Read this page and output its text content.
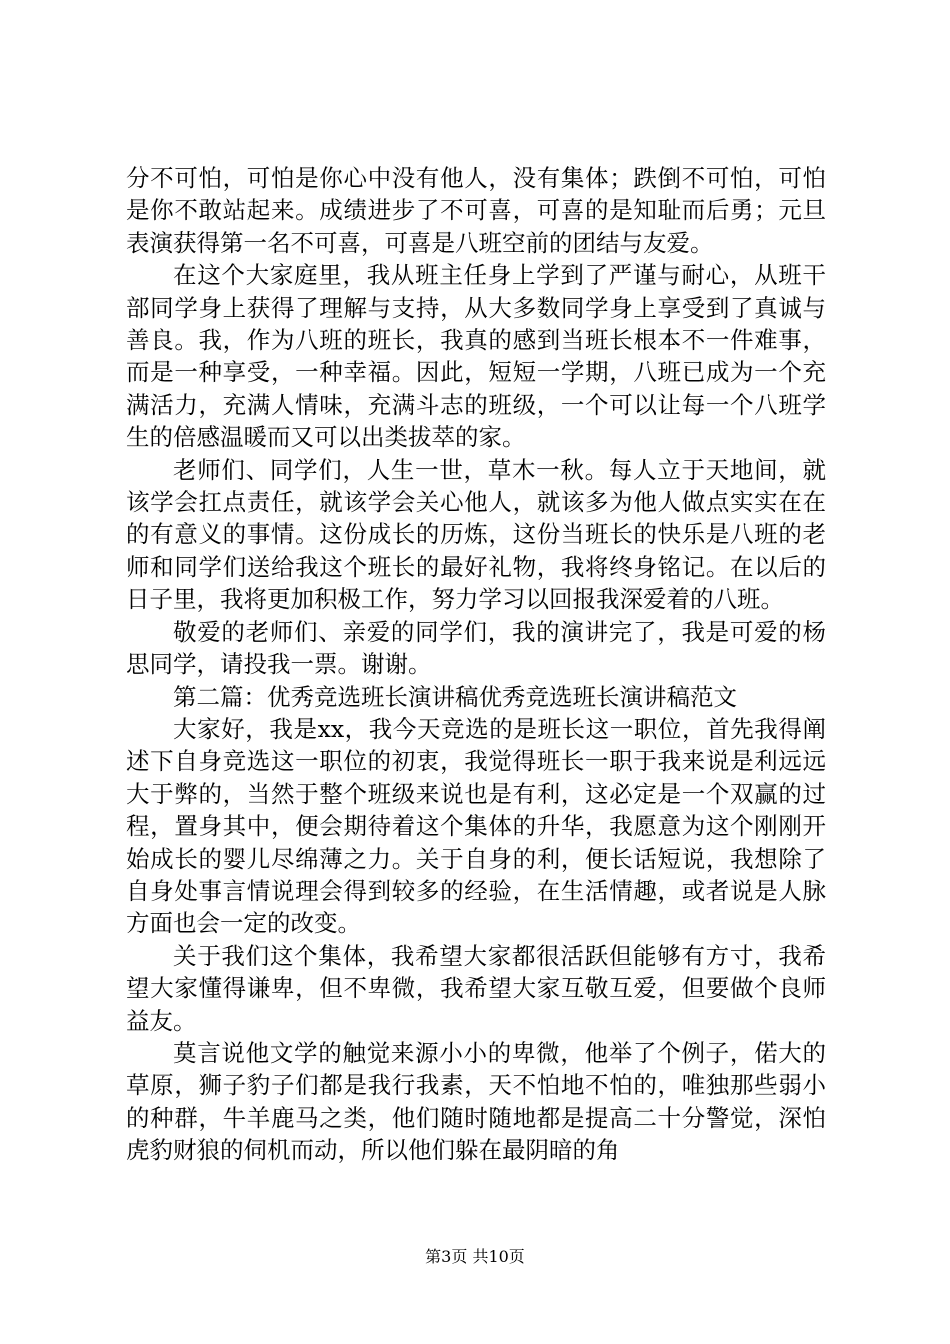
分不可怕，可怕是你心中没有他人，没有集体；跌倒不可怕，可怕是你不敢站起来。成绩进步了不可喜，可喜的是知耻而后勇；元旦表演获得第一名不可喜，可喜是八班空前的团结与友爱。

在这个大家庭里，我从班主任身上学到了严谨与耐心，从班干部同学身上获得了理解与支持，从大多数同学身上享受到了真诚与善良。我，作为八班的班长，我真的感到当班长根本不一件难事，而是一种享受，一种幸福。因此，短短一学期，八班已成为一个充满活力，充满人情味，充满斗志的班级，一个可以让每一个八班学生的倍感温暖而又可以出类拔萃的家。

老师们、同学们，人生一世，草木一秋。每人立于天地间，就该学会扛点责任，就该学会关心他人，就该多为他人做点实实在在的有意义的事情。这份成长的历炼，这份当班长的快乐是八班的老师和同学们送给我这个班长的最好礼物，我将终身铭记。在以后的日子里，我将更加积极工作，努力学习以回报我深爱着的八班。

敬爱的老师们、亲爱的同学们，我的演讲完了，我是可爱的杨思同学，请投我一票。谢谢。

第二篇：优秀竞选班长演讲稿优秀竞选班长演讲稿范文

大家好，我是xx，我今天竞选的是班长这一职位，首先我得阐述下自身竞选这一职位的初衷，我觉得班长一职于我来说是利远远大于弊的，当然于整个班级来说也是有利，这必定是一个双赢的过程，置身其中，便会期待着这个集体的升华，我愿意为这个刚刚开始成长的婴儿尽绵薄之力。关于自身的利，便长话短说，我想除了自身处事言情说理会得到较多的经验，在生活情趣，或者说是人脉方面也会一定的改变。

关于我们这个集体，我希望大家都很活跃但能够有方寸，我希望大家懂得谦卑，但不卑微，我希望大家互敬互爱，但要做个良师益友。

莫言说他文学的触觉来源小小的卑微，他举了个例子，偌大的草原，狮子豹子们都是我行我素，天不怕地不怕的，唯独那些弱小的种群，牛羊鹿马之类，他们随时随地都是提高二十分警觉，深怕虎豹财狼的伺机而动，所以他们躲在最阴暗的角

第3页 共10页
